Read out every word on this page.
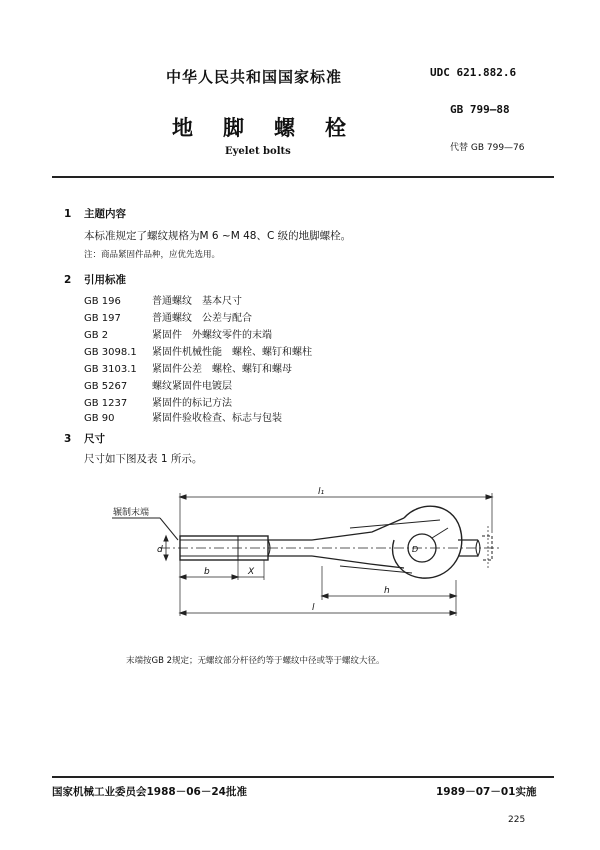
中华人民共和国国家标准	UDC 621.882.6
地脚螺栓
GB 799—88
代替 GB 799—76
Eyelet bolts
1 主题内容
本标准规定了螺纹规格为M 6 ~M 48、C 级的地脚螺栓。
注：商品紧固件品种，应优先选用。
2 引用标准
GB 196	普通螺纹　基本尺寸
GB 197	普通螺纹　公差与配合
GB 2	紧固件　外螺纹零件的末端
GB 3098.1 紧固件机械性能　螺栓、螺钉和螺柱
GB 3103.1 紧固件公差　螺栓、螺钉和螺母
GB 5267 螺纹紧固件电镀层
GB 1237 紧固件的标记方法
GB 90	紧固件验收检查、标志与包装
3 尺寸
尺寸如下图及表 1 所示。
辗制末端
l₁
l
h
b	X
d	D
末端按GB 2规定；无螺纹部分杆径约等于螺纹中径或等于螺纹大径。
国家机械工业委员会1988－06－24批准	1989－07－01实施
225
